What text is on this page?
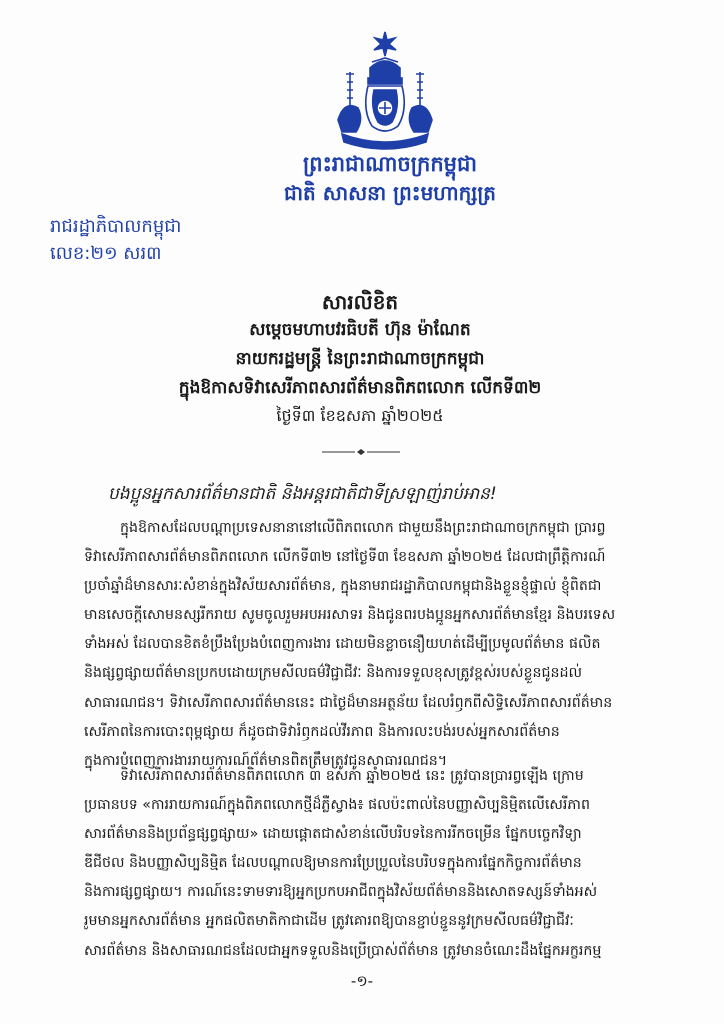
ព្រះរាជាណាចក្រកម្ពុជា
ជាតិ សាសនា ព្រះមហាក្សត្រ
រាជរដ្ឋាភិបាលកម្ពុជា
លេខ:២១ សរ៣
សារលិខិត
សម្ដេចមហាបវរធិបតី ហ៊ុន ម៉ាណែត
នាយករដ្ឋមន្ត្រី នៃព្រះរាជាណាចក្រកម្ពុជា
ក្នុងឱកាសទិវាសេរីភាពសារព័ត៌មានពិភពលោក លើកទី៣២
ថ្ងៃទី៣ ខែឧសភា ឆ្នាំ២០២៥
បងប្អូនអ្នកសារព័ត៌មានជាតិ និងអន្តរជាតិជាទីស្រឡាញ់រាប់អាន!
ក្នុងឱកាសដែលបណ្ដាប្រទេសនានានៅលើពិភពលោក ជាមួយនឹងព្រះរាជាណាចក្រកម្ពុជា ប្រារព្វ
ទិវាសេរីភាពសារព័ត៌មានពិភពលោក លើកទី៣២ នៅថ្ងៃទី៣ ខែឧសភា ឆ្នាំ២០២៥ ដែលជាព្រឹត្តិការណ៍
ប្រចាំឆ្នាំដ៏មានសារៈសំខាន់ក្នុងវិស័យសារព័ត៌មាន, ក្នុងនាមរាជរដ្ឋាភិបាលកម្ពុជានិងខ្លួនខ្ញុំផ្ទាល់ ខ្ញុំពិតជា
មានសេចក្ដីសោមនស្សរីករាយ សូមចូលរួមអបអរសាទរ និងជូនពរបងប្អូនអ្នកសារព័ត៌មានខ្មែរ និងបរទេស
ទាំងអស់ ដែលបានខិតខំប្រឹងប្រែងបំពេញការងារ ដោយមិនខ្លាចនឿយហត់ដើម្បីប្រមូលព័ត៌មាន ផលិត
និងផ្សព្វផ្សាយព័ត៌មានប្រកបដោយក្រមសីលធម៌វិជ្ជាជីវៈ និងការទទួលខុសត្រូវខ្ពស់របស់ខ្លួនជូនដល់
សាធារណជន។ ទិវាសេរីភាពសារព័ត៌មាននេះ ជាថ្ងៃដ៏មានអត្ថន័យ ដែលរំឭកពីសិទ្ធិសេរីភាពសារព័ត៌មាន
សេរីភាពនៃការបោះពុម្ពផ្សាយ ក៏ដូចជាទិវារំឭកដល់វីរភាព និងការលះបង់របស់អ្នកសារព័ត៌មាន
ក្នុងការបំពេញការងាររាយការណ៍ព័ត៌មានពិតត្រឹមត្រូវជូនសាធារណជន។
ទិវាសេរីភាពសារព័ត៌មានពិភពលោក ៣ ឧសភា ឆ្នាំ២០២៥ នេះ ត្រូវបានប្រារព្វឡើង ក្រោម
ប្រធានបទ «ការរាយការណ៍ក្នុងពិភពលោកថ្មីដ៏ភ្លឺស្វាង៖ ផលប៉ះពាល់នៃបញ្ញាសិប្បនិម្មិតលើសេរីភាព
សារព័ត៌មាននិងប្រព័ន្ធផ្សព្វផ្សាយ» ដោយផ្ដោតជាសំខាន់លើបរិបទនៃការរីកចម្រើន ផ្នែកបច្ចេកវិទ្យា
ឌីជីថល និងបញ្ញាសិប្បនិម្មិត ដែលបណ្ដាលឱ្យមានការប្រែប្រួលនៃបរិបទក្នុងការផ្នែកកិច្ចការព័ត៌មាន
និងការផ្សព្វផ្សាយ។ ការណ៍នេះទាមទារឱ្យអ្នកប្រកបអាជីពក្នុងវិស័យព័ត៌មាននិងសោតទស្សន៍ទាំងអស់
រួមមានអ្នកសារព័ត៌មាន អ្នកផលិតមាតិកាជាដើម ត្រូវគោរពឱ្យបានខ្ជាប់ខ្ជួននូវក្រមសីលធម៌វិជ្ជាជីវៈ
សារព័ត៌មាន និងសាធារណជនដែលជាអ្នកទទួលនិងប្រើប្រាស់ព័ត៌មាន ត្រូវមានចំណេះដឹងផ្នែកអក្ខរកម្ម
-១-
